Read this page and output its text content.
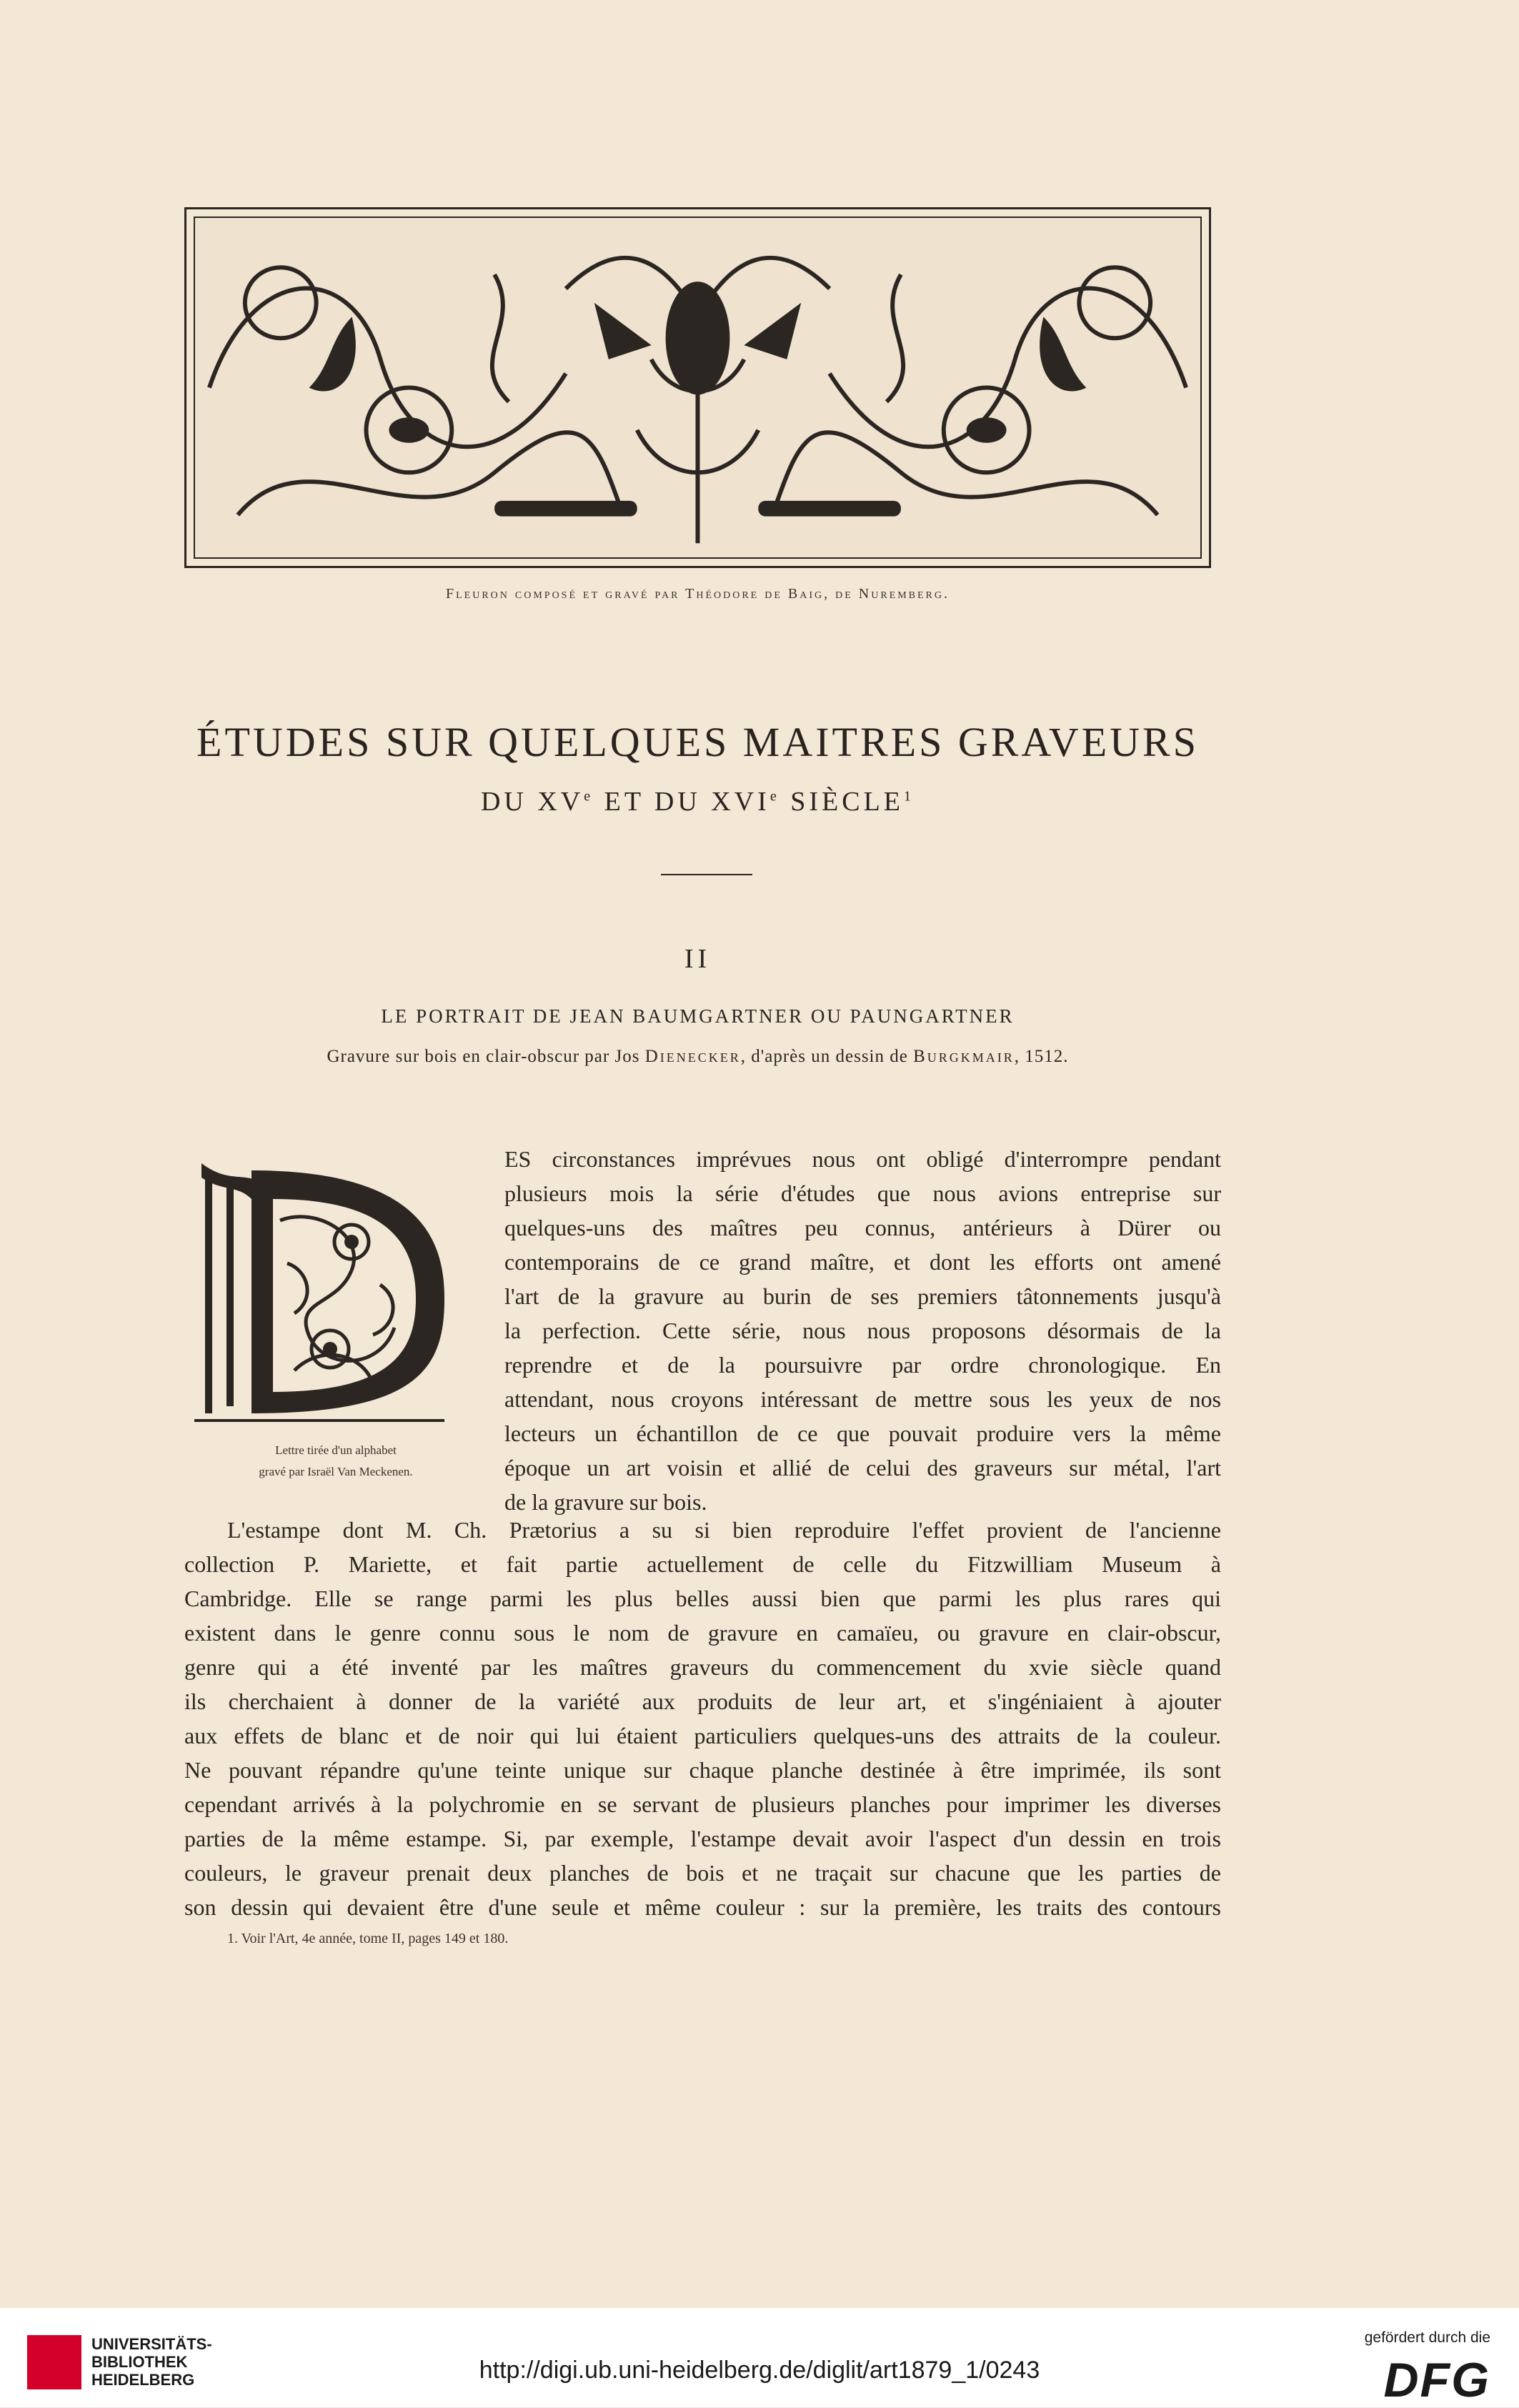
Fleuron composé et gravé par Théodore de Baig, de Nuremberg.
ÉTUDES SUR QUELQUES MAITRES GRAVEURS
DU XVe ET DU XVIe SIÈCLE$^1$
II
LE PORTRAIT DE JEAN BAUMGARTNER OU PAUNGARTNER
Gravure sur bois en clair-obscur par Jos Dienecker, d'après un dessin de Burgkmair, 1512.
Lettre tirée d'un alphabet
gravé par Israël Van Meckenen.
ES circonstances imprévues nous ont obligé d'interrompre pendant
plusieurs mois la série d'études que nous avions entreprise sur
quelques-uns des maîtres peu connus, antérieurs à Dürer ou
contemporains de ce grand maître, et dont les efforts ont amené
l'art de la gravure au burin de ses premiers tâtonnements jusqu'à
la perfection. Cette série, nous nous proposons désormais de la
reprendre et de la poursuivre par ordre chronologique. En
attendant, nous croyons intéressant de mettre sous les yeux de nos
lecteurs un échantillon de ce que pouvait produire vers la même
époque un art voisin et allié de celui des graveurs sur métal, l'art
de la gravure sur bois.
L'estampe dont M. Ch. Prætorius a su si bien reproduire l'effet provient de l'ancienne
collection P. Mariette, et fait partie actuellement de celle du Fitzwilliam Museum à
Cambridge. Elle se range parmi les plus belles aussi bien que parmi les plus rares qui
existent dans le genre connu sous le nom de gravure en camaïeu, ou gravure en clair-obscur,
genre qui a été inventé par les maîtres graveurs du commencement du xvie siècle quand
ils cherchaient à donner de la variété aux produits de leur art, et s'ingéniaient à ajouter
aux effets de blanc et de noir qui lui étaient particuliers quelques-uns des attraits de la couleur.
Ne pouvant répandre qu'une teinte unique sur chaque planche destinée à être imprimée, ils sont
cependant arrivés à la polychromie en se servant de plusieurs planches pour imprimer les diverses
parties de la même estampe. Si, par exemple, l'estampe devait avoir l'aspect d'un dessin en trois
couleurs, le graveur prenait deux planches de bois et ne traçait sur chacune que les parties de
son dessin qui devaient être d'une seule et même couleur : sur la première, les traits des contours
1. Voir l'Art, 4e année, tome II, pages 149 et 180.
UNIVERSITÄTS-
BIBLIOTHEK
HEIDELBERG	http://digi.ub.uni-heidelberg.de/diglit/art1879_1/0243
gefördert durch die
DFG
